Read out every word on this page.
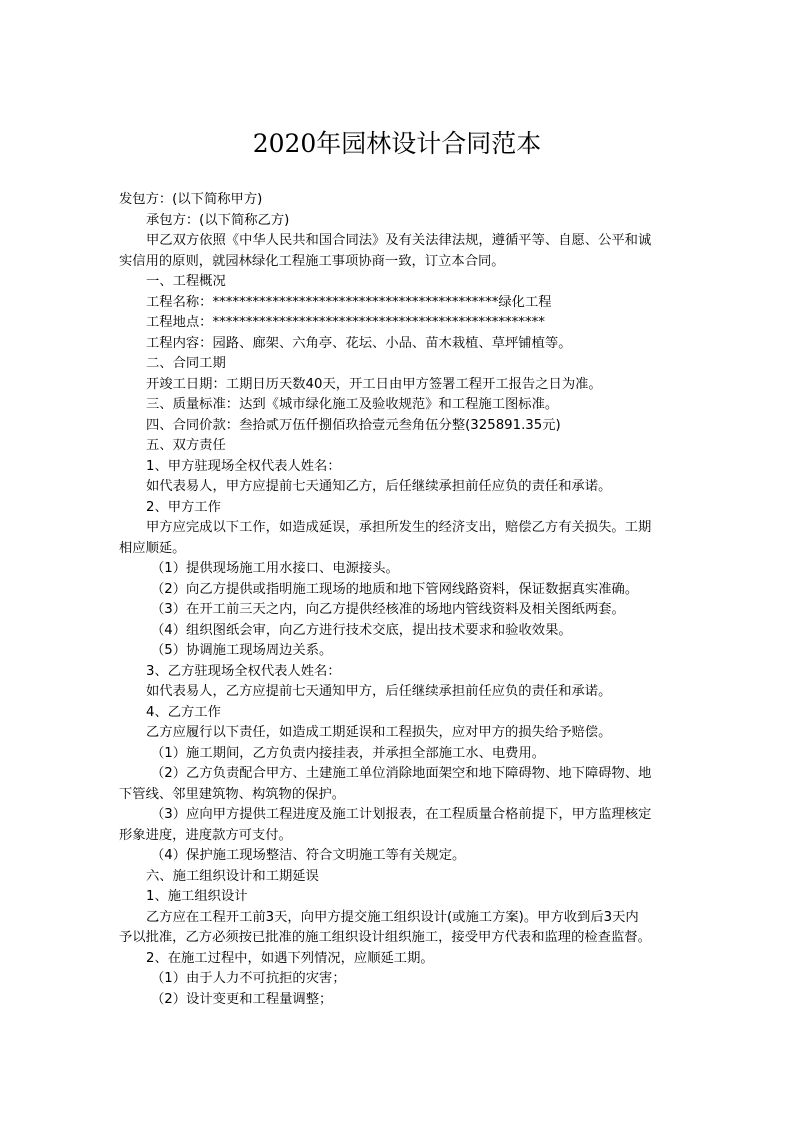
2020年园林设计合同范本
发包方：(以下简称甲方)
承包方：(以下简称乙方)
甲乙双方依照《中华人民共和国合同法》及有关法律法规，遵循平等、自愿、公平和诚
实信用的原则，就园林绿化工程施工事项协商一致，订立本合同。
一、工程概况
工程名称：*******************************************绿化工程
工程地点：**************************************************
工程内容：园路、廊架、六角亭、花坛、小品、苗木栽植、草坪铺植等。
二、合同工期
开竣工日期：工期日历天数40天，开工日由甲方签署工程开工报告之日为准。
三、质量标准：达到《城市绿化施工及验收规范》和工程施工图标准。
四、合同价款：叁拾贰万伍仟捌佰玖拾壹元叁角伍分整(325891.35元)
五、双方责任
1、甲方驻现场全权代表人姓名：
如代表易人，甲方应提前七天通知乙方，后任继续承担前任应负的责任和承诺。
2、甲方工作
甲方应完成以下工作，如造成延误，承担所发生的经济支出，赔偿乙方有关损失。工期
相应顺延。
（1）提供现场施工用水接口、电源接头。
（2）向乙方提供或指明施工现场的地质和地下管网线路资料，保证数据真实准确。
（3）在开工前三天之内，向乙方提供经核准的场地内管线资料及相关图纸两套。
（4）组织图纸会审，向乙方进行技术交底，提出技术要求和验收效果。
（5）协调施工现场周边关系。
3、乙方驻现场全权代表人姓名：
如代表易人，乙方应提前七天通知甲方，后任继续承担前任应负的责任和承诺。
4、乙方工作
乙方应履行以下责任，如造成工期延误和工程损失，应对甲方的损失给予赔偿。
（1）施工期间，乙方负责内接挂表，并承担全部施工水、电费用。
（2）乙方负责配合甲方、土建施工单位消除地面架空和地下障碍物、地下障碍物、地
下管线、邻里建筑物、构筑物的保护。
（3）应向甲方提供工程进度及施工计划报表，在工程质量合格前提下，甲方监理核定
形象进度，进度款方可支付。
（4）保护施工现场整洁、符合文明施工等有关规定。
六、施工组织设计和工期延误
1、施工组织设计
乙方应在工程开工前3天，向甲方提交施工组织设计(或施工方案)。甲方收到后3天内
予以批准，乙方必须按已批准的施工组织设计组织施工，接受甲方代表和监理的检查监督。
2、在施工过程中，如遇下列情况，应顺延工期。
（1）由于人力不可抗拒的灾害；
（2）设计变更和工程量调整；
